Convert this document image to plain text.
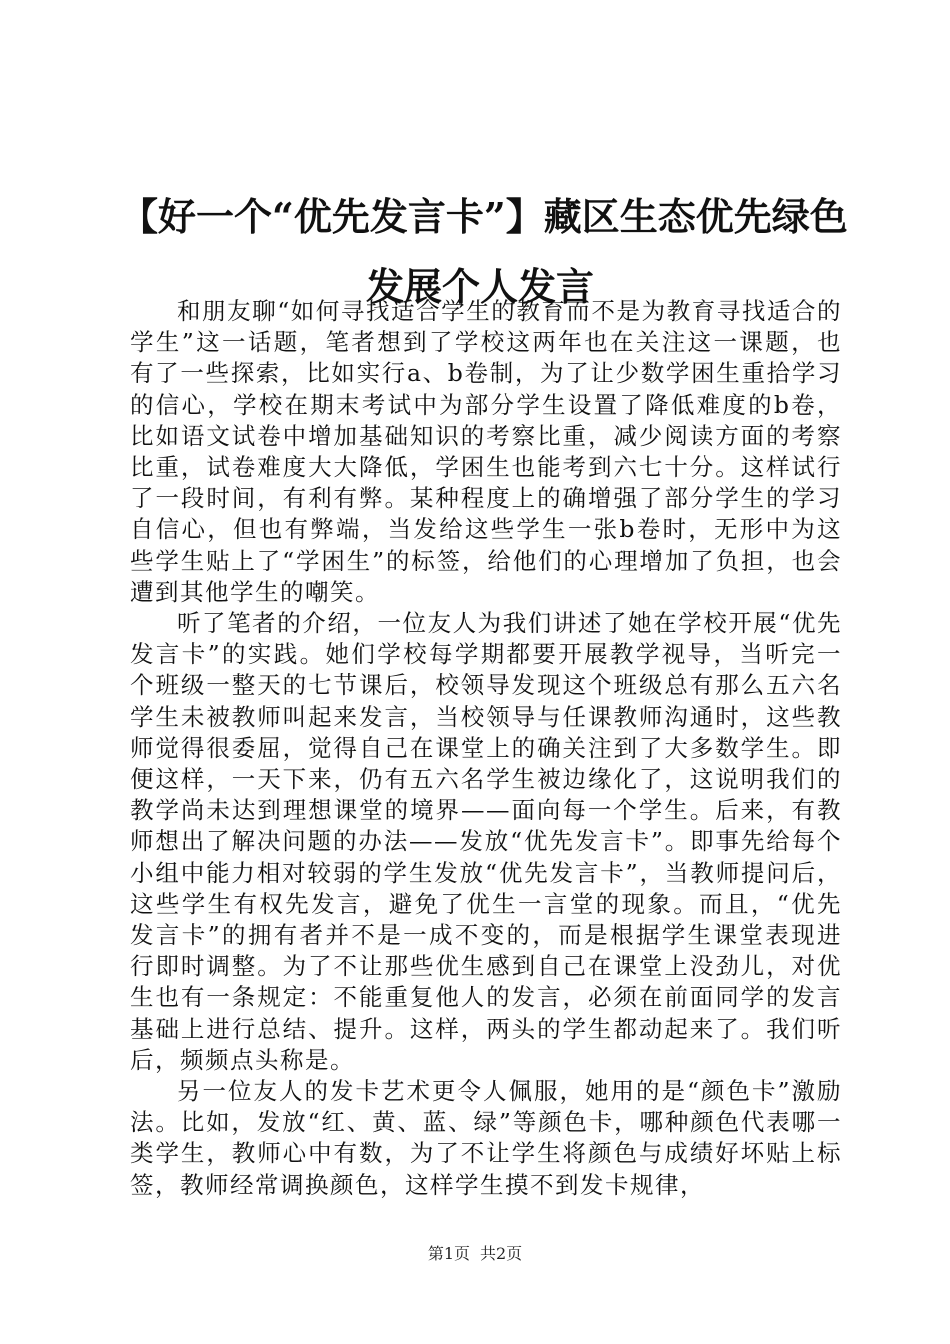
【好一个“优先发言卡”】藏区生态优先绿色
发展个人发言

和朋友聊“如何寻找适合学生的教育而不是为教育寻找适合的学生”这一话题，笔者想到了学校这两年也在关注这一课题，也有了一些探索，比如实行a、b卷制，为了让少数学困生重拾学习的信心，学校在期末考试中为部分学生设置了降低难度的b卷，比如语文试卷中增加基础知识的考察比重，减少阅读方面的考察比重，试卷难度大大降低，学困生也能考到六七十分。这样试行了一段时间，有利有弊。某种程度上的确增强了部分学生的学习自信心，但也有弊端，当发给这些学生一张b卷时，无形中为这些学生贴上了“学困生”的标签，给他们的心理增加了负担，也会遭到其他学生的嘲笑。

听了笔者的介绍，一位友人为我们讲述了她在学校开展“优先发言卡”的实践。她们学校每学期都要开展教学视导，当听完一个班级一整天的七节课后，校领导发现这个班级总有那么五六名学生未被教师叫起来发言，当校领导与任课教师沟通时，这些教师觉得很委屈，觉得自己在课堂上的确关注到了大多数学生。即便这样，一天下来，仍有五六名学生被边缘化了，这说明我们的教学尚未达到理想课堂的境界——面向每一个学生。后来，有教师想出了解决问题的办法——发放“优先发言卡”。即事先给每个小组中能力相对较弱的学生发放“优先发言卡”，当教师提问后，这些学生有权先发言，避免了优生一言堂的现象。而且，“优先发言卡”的拥有者并不是一成不变的，而是根据学生课堂表现进行即时调整。为了不让那些优生感到自己在课堂上没劲儿，对优生也有一条规定：不能重复他人的发言，必须在前面同学的发言基础上进行总结、提升。这样，两头的学生都动起来了。我们听后，频频点头称是。

另一位友人的发卡艺术更令人佩服，她用的是“颜色卡”激励法。比如，发放“红、黄、蓝、绿”等颜色卡，哪种颜色代表哪一类学生，教师心中有数，为了不让学生将颜色与成绩好坏贴上标签，教师经常调换颜色，这样学生摸不到发卡规律，

第1页 共2页
